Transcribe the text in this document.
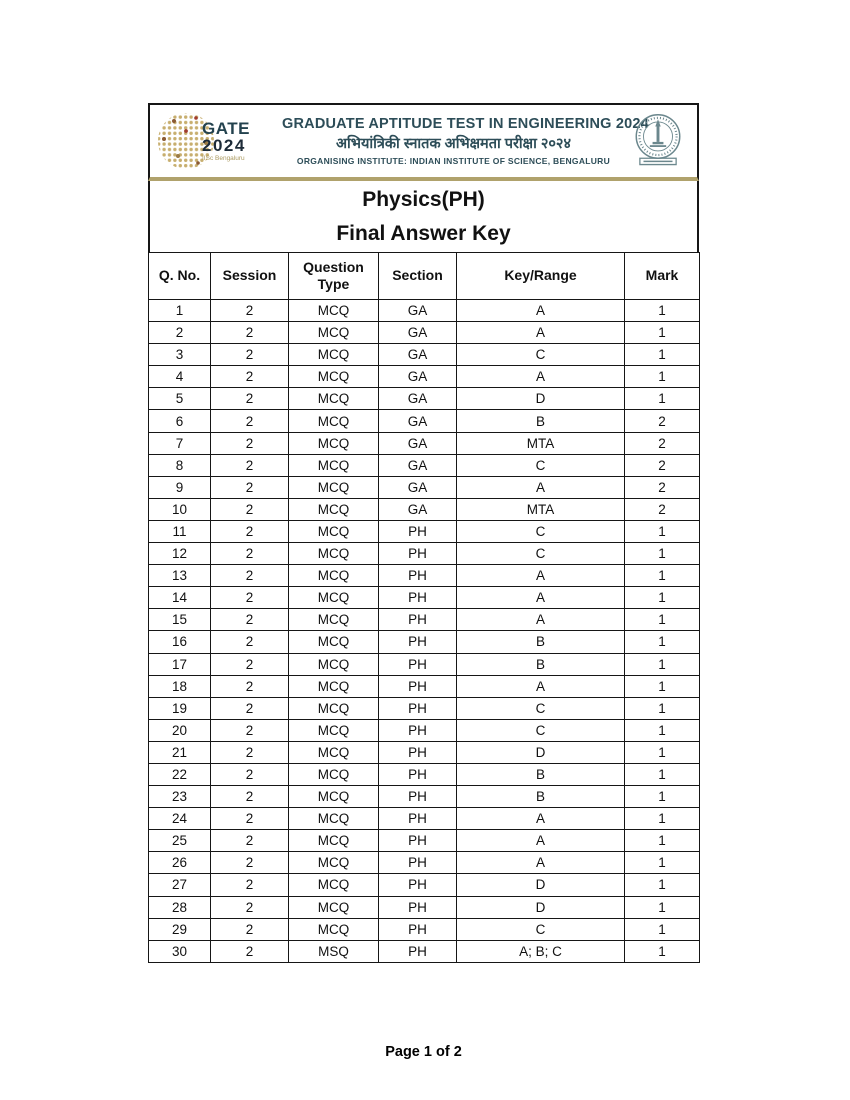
GATE
2024
IISc Bengaluru
GRADUATE APTITUDE TEST IN ENGINEERING 2024
अभियांत्रिकी स्नातक अभिक्षमता परीक्षा २०२४
ORGANISING INSTITUTE: INDIAN INSTITUTE OF SCIENCE, BENGALURU
Physics(PH)
Final Answer Key
Q. No.	Session	Question Type	Section	Key/Range	Mark
1	2	MCQ	GA	A	1
2	2	MCQ	GA	A	1
3	2	MCQ	GA	C	1
4	2	MCQ	GA	A	1
5	2	MCQ	GA	D	1
6	2	MCQ	GA	B	2
7	2	MCQ	GA	MTA	2
8	2	MCQ	GA	C	2
9	2	MCQ	GA	A	2
10	2	MCQ	GA	MTA	2
11	2	MCQ	PH	C	1
12	2	MCQ	PH	C	1
13	2	MCQ	PH	A	1
14	2	MCQ	PH	A	1
15	2	MCQ	PH	A	1
16	2	MCQ	PH	B	1
17	2	MCQ	PH	B	1
18	2	MCQ	PH	A	1
19	2	MCQ	PH	C	1
20	2	MCQ	PH	C	1
21	2	MCQ	PH	D	1
22	2	MCQ	PH	B	1
23	2	MCQ	PH	B	1
24	2	MCQ	PH	A	1
25	2	MCQ	PH	A	1
26	2	MCQ	PH	A	1
27	2	MCQ	PH	D	1
28	2	MCQ	PH	D	1
29	2	MCQ	PH	C	1
30	2	MSQ	PH	A; B; C	1
Page 1 of 2
